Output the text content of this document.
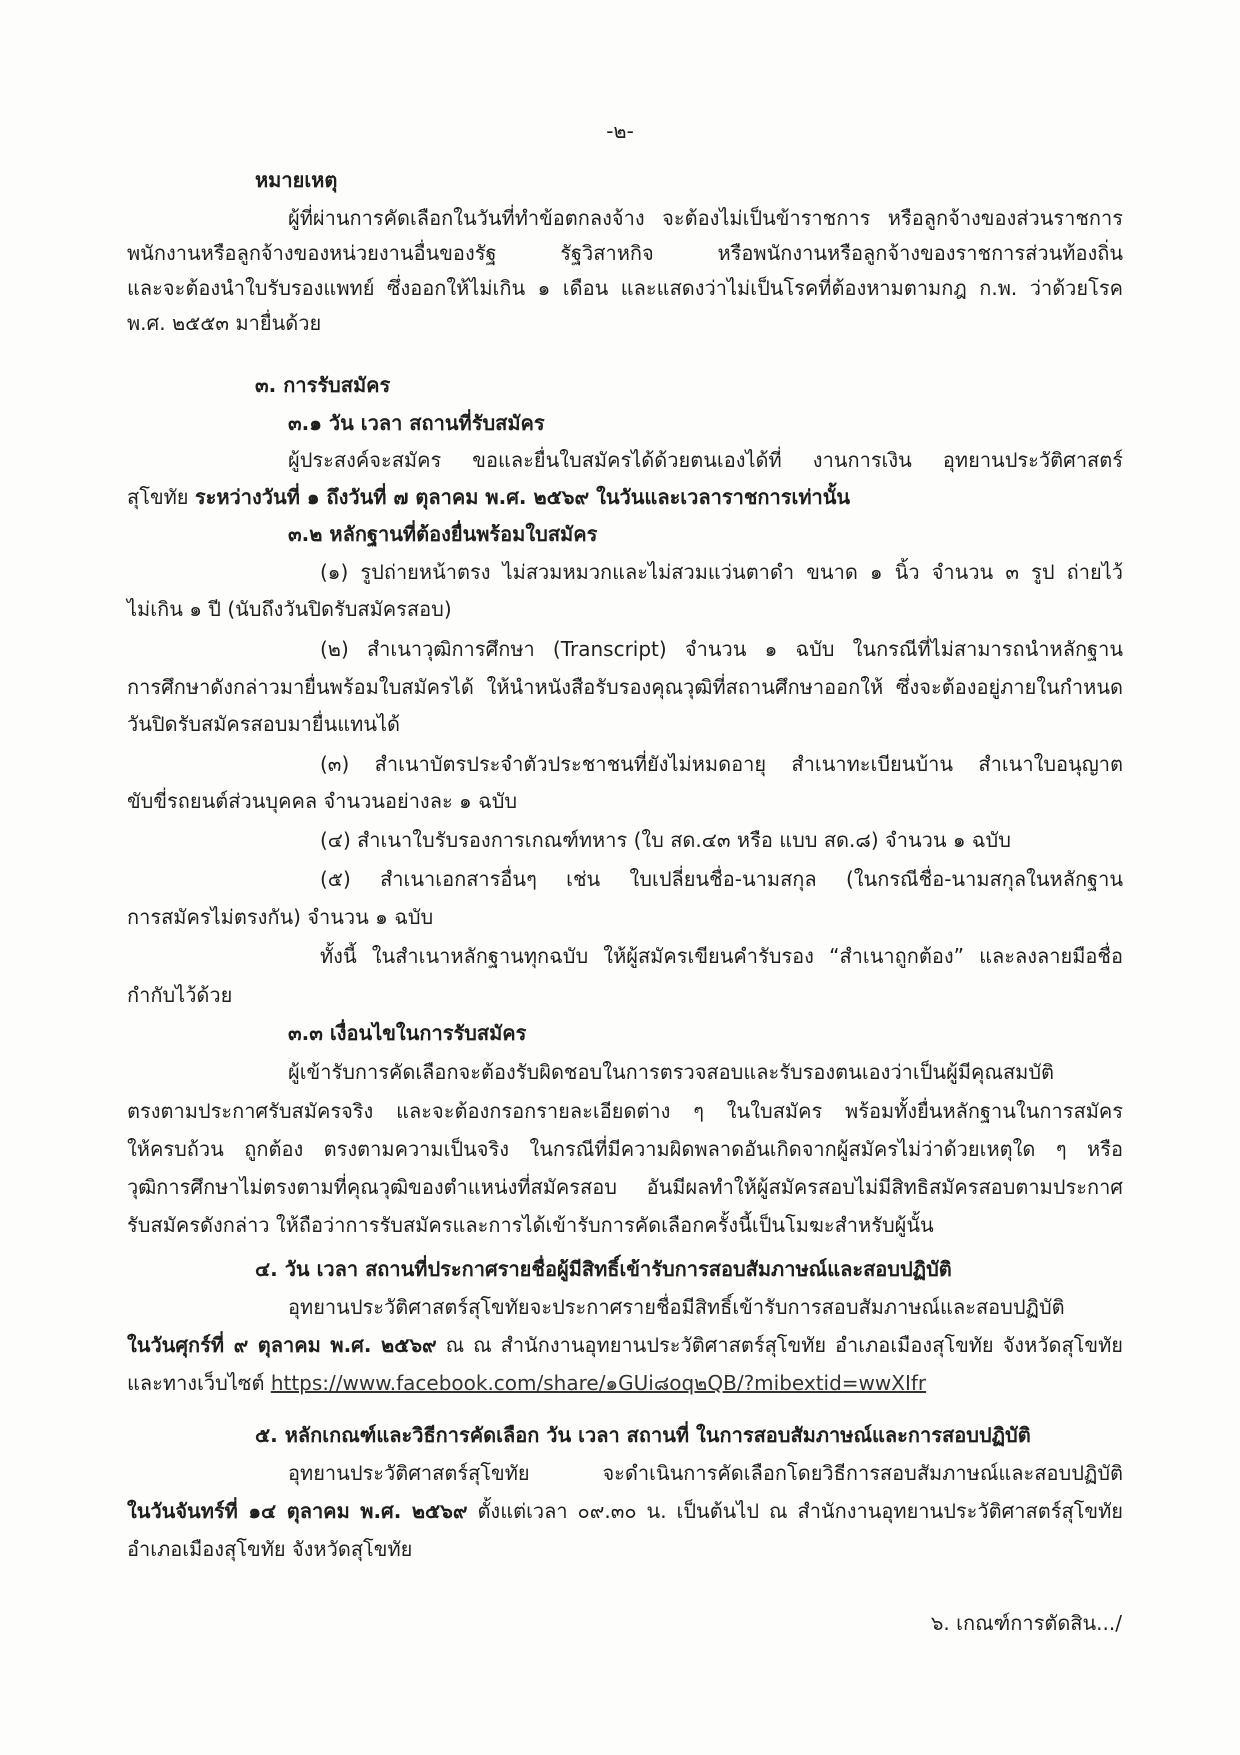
-๒-
หมายเหตุ
ผู้ที่ผ่านการคัดเลือกในวันที่ทำข้อตกลงจ้าง จะต้องไม่เป็นข้าราชการ หรือลูกจ้างของส่วนราชการ
พนักงานหรือลูกจ้างของหน่วยงานอื่นของรัฐ รัฐวิสาหกิจ หรือพนักงานหรือลูกจ้างของราชการส่วนท้องถิ่น
และจะต้องนำใบรับรองแพทย์ ซึ่งออกให้ไม่เกิน ๑ เดือน และแสดงว่าไม่เป็นโรคที่ต้องหามตามกฎ ก.พ. ว่าด้วยโรค
พ.ศ. ๒๕๕๓ มายื่นด้วย
๓. การรับสมัคร
๓.๑ วัน เวลา สถานที่รับสมัคร
ผู้ประสงค์จะสมัคร ขอและยื่นใบสมัครได้ด้วยตนเองได้ที่ งานการเงิน อุทยานประวัติศาสตร์
สุโขทัย ระหว่างวันที่ ๑ ถึงวันที่ ๗ ตุลาคม พ.ศ. ๒๕๖๙ ในวันและเวลาราชการเท่านั้น
๓.๒ หลักฐานที่ต้องยื่นพร้อมใบสมัคร
(๑) รูปถ่ายหน้าตรง ไม่สวมหมวกและไม่สวมแว่นตาดำ ขนาด ๑ นิ้ว จำนวน ๓ รูป ถ่ายไว้
ไม่เกิน ๑ ปี (นับถึงวันปิดรับสมัครสอบ)
(๒) สำเนาวุฒิการศึกษา (Transcript) จำนวน ๑ ฉบับ ในกรณีที่ไม่สามารถนำหลักฐาน
การศึกษาดังกล่าวมายื่นพร้อมใบสมัครได้ ให้นำหนังสือรับรองคุณวุฒิที่สถานศึกษาออกให้ ซึ่งจะต้องอยู่ภายในกำหนด
วันปิดรับสมัครสอบมายื่นแทนได้
(๓) สำเนาบัตรประจำตัวประชาชนที่ยังไม่หมดอายุ สำเนาทะเบียนบ้าน สำเนาใบอนุญาต
ขับขี่รถยนต์ส่วนบุคคล จำนวนอย่างละ ๑ ฉบับ
(๔) สำเนาใบรับรองการเกณฑ์ทหาร (ใบ สด.๔๓ หรือ แบบ สด.๘) จำนวน ๑ ฉบับ
(๕) สำเนาเอกสารอื่นๆ เช่น ใบเปลี่ยนชื่อ-นามสกุล (ในกรณีชื่อ-นามสกุลในหลักฐาน
การสมัครไม่ตรงกัน) จำนวน ๑ ฉบับ
ทั้งนี้ ในสำเนาหลักฐานทุกฉบับ ให้ผู้สมัครเขียนคำรับรอง “สำเนาถูกต้อง” และลงลายมือชื่อ
กำกับไว้ด้วย
๓.๓ เงื่อนไขในการรับสมัคร
ผู้เข้ารับการคัดเลือกจะต้องรับผิดชอบในการตรวจสอบและรับรองตนเองว่าเป็นผู้มีคุณสมบัติ
ตรงตามประกาศรับสมัครจริง และจะต้องกรอกรายละเอียดต่าง ๆ ในใบสมัคร พร้อมทั้งยื่นหลักฐานในการสมัคร
ให้ครบถ้วน ถูกต้อง ตรงตามความเป็นจริง ในกรณีที่มีความผิดพลาดอันเกิดจากผู้สมัครไม่ว่าด้วยเหตุใด ๆ หรือ
วุฒิการศึกษาไม่ตรงตามที่คุณวุฒิของตำแหน่งที่สมัครสอบ อันมีผลทำให้ผู้สมัครสอบไม่มีสิทธิสมัครสอบตามประกาศ
รับสมัครดังกล่าว ให้ถือว่าการรับสมัครและการได้เข้ารับการคัดเลือกครั้งนี้เป็นโมฆะสำหรับผู้นั้น
๔. วัน เวลา สถานที่ประกาศรายชื่อผู้มีสิทธิ์เข้ารับการสอบสัมภาษณ์และสอบปฏิบัติ
อุทยานประวัติศาสตร์สุโขทัยจะประกาศรายชื่อมีสิทธิ์เข้ารับการสอบสัมภาษณ์และสอบปฏิบัติ
ในวันศุกร์ที่ ๙ ตุลาคม พ.ศ. ๒๕๖๙ ณ ณ สำนักงานอุทยานประวัติศาสตร์สุโขทัย อำเภอเมืองสุโขทัย จังหวัดสุโขทัย
และทางเว็บไซต์ https://www.facebook.com/share/๑GUi๘oq๒QB/?mibextid=wwXIfr
๕. หลักเกณฑ์และวิธีการคัดเลือก วัน เวลา สถานที่ ในการสอบสัมภาษณ์และการสอบปฏิบัติ
อุทยานประวัติศาสตร์สุโขทัย จะดำเนินการคัดเลือกโดยวิธีการสอบสัมภาษณ์และสอบปฏิบัติ
ในวันจันทร์ที่ ๑๔ ตุลาคม พ.ศ. ๒๕๖๙ ตั้งแต่เวลา ๐๙.๓๐ น. เป็นต้นไป ณ สำนักงานอุทยานประวัติศาสตร์สุโขทัย
อำเภอเมืองสุโขทัย จังหวัดสุโขทัย
๖. เกณฑ์การตัดสิน.../
